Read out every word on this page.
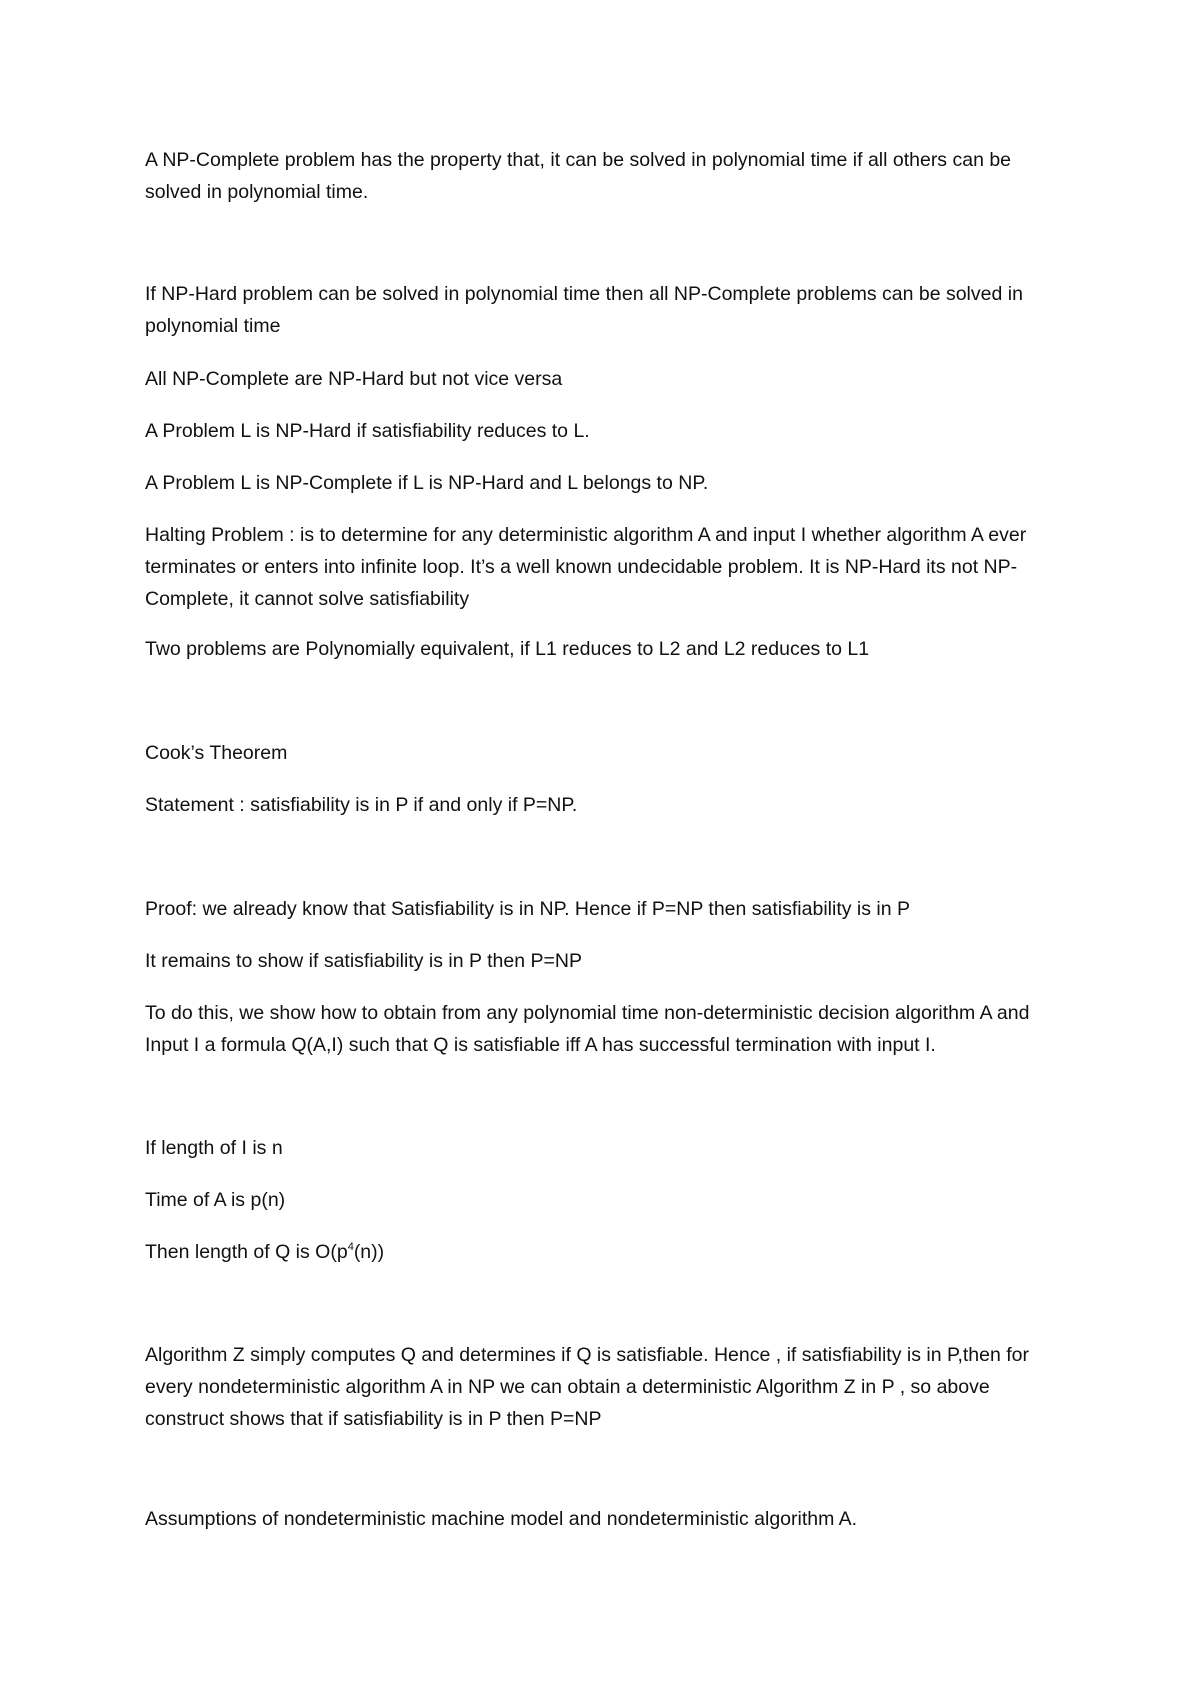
A NP-Complete problem has the property that, it can be solved in polynomial time if all others can be solved in polynomial time.

If NP-Hard problem can be solved in polynomial time then all NP-Complete problems can be solved in polynomial time

All NP-Complete are NP-Hard but not vice versa

A Problem L is NP-Hard if satisfiability reduces to L.

A Problem L is NP-Complete if L is NP-Hard and L belongs to NP.

Halting Problem : is to determine for any deterministic algorithm A and input I whether algorithm A ever terminates or enters into infinite loop. It’s a well known undecidable problem. It is NP-Hard its not NP-Complete, it cannot solve satisfiability

Two problems are Polynomially equivalent, if L1 reduces to L2 and L2 reduces to L1

Cook’s Theorem

Statement : satisfiability is in P if and only if P=NP.

Proof: we already know that Satisfiability is in NP. Hence if P=NP then satisfiability is in P

It remains to show if satisfiability is in P then P=NP

To do this, we show how to obtain from any polynomial time non-deterministic decision algorithm A and Input I a formula Q(A,I) such that Q is satisfiable iff A has successful termination with input I.

If length of I is n

Time of A is p(n)

Then length of Q is $O(p^4(n))$

Algorithm Z simply computes Q and determines if Q is satisfiable. Hence , if satisfiability is in P,then for every nondeterministic algorithm A in NP we can obtain a deterministic Algorithm Z in P , so above construct shows that if satisfiability is in P then P=NP

Assumptions of nondeterministic machine model and nondeterministic algorithm A.
